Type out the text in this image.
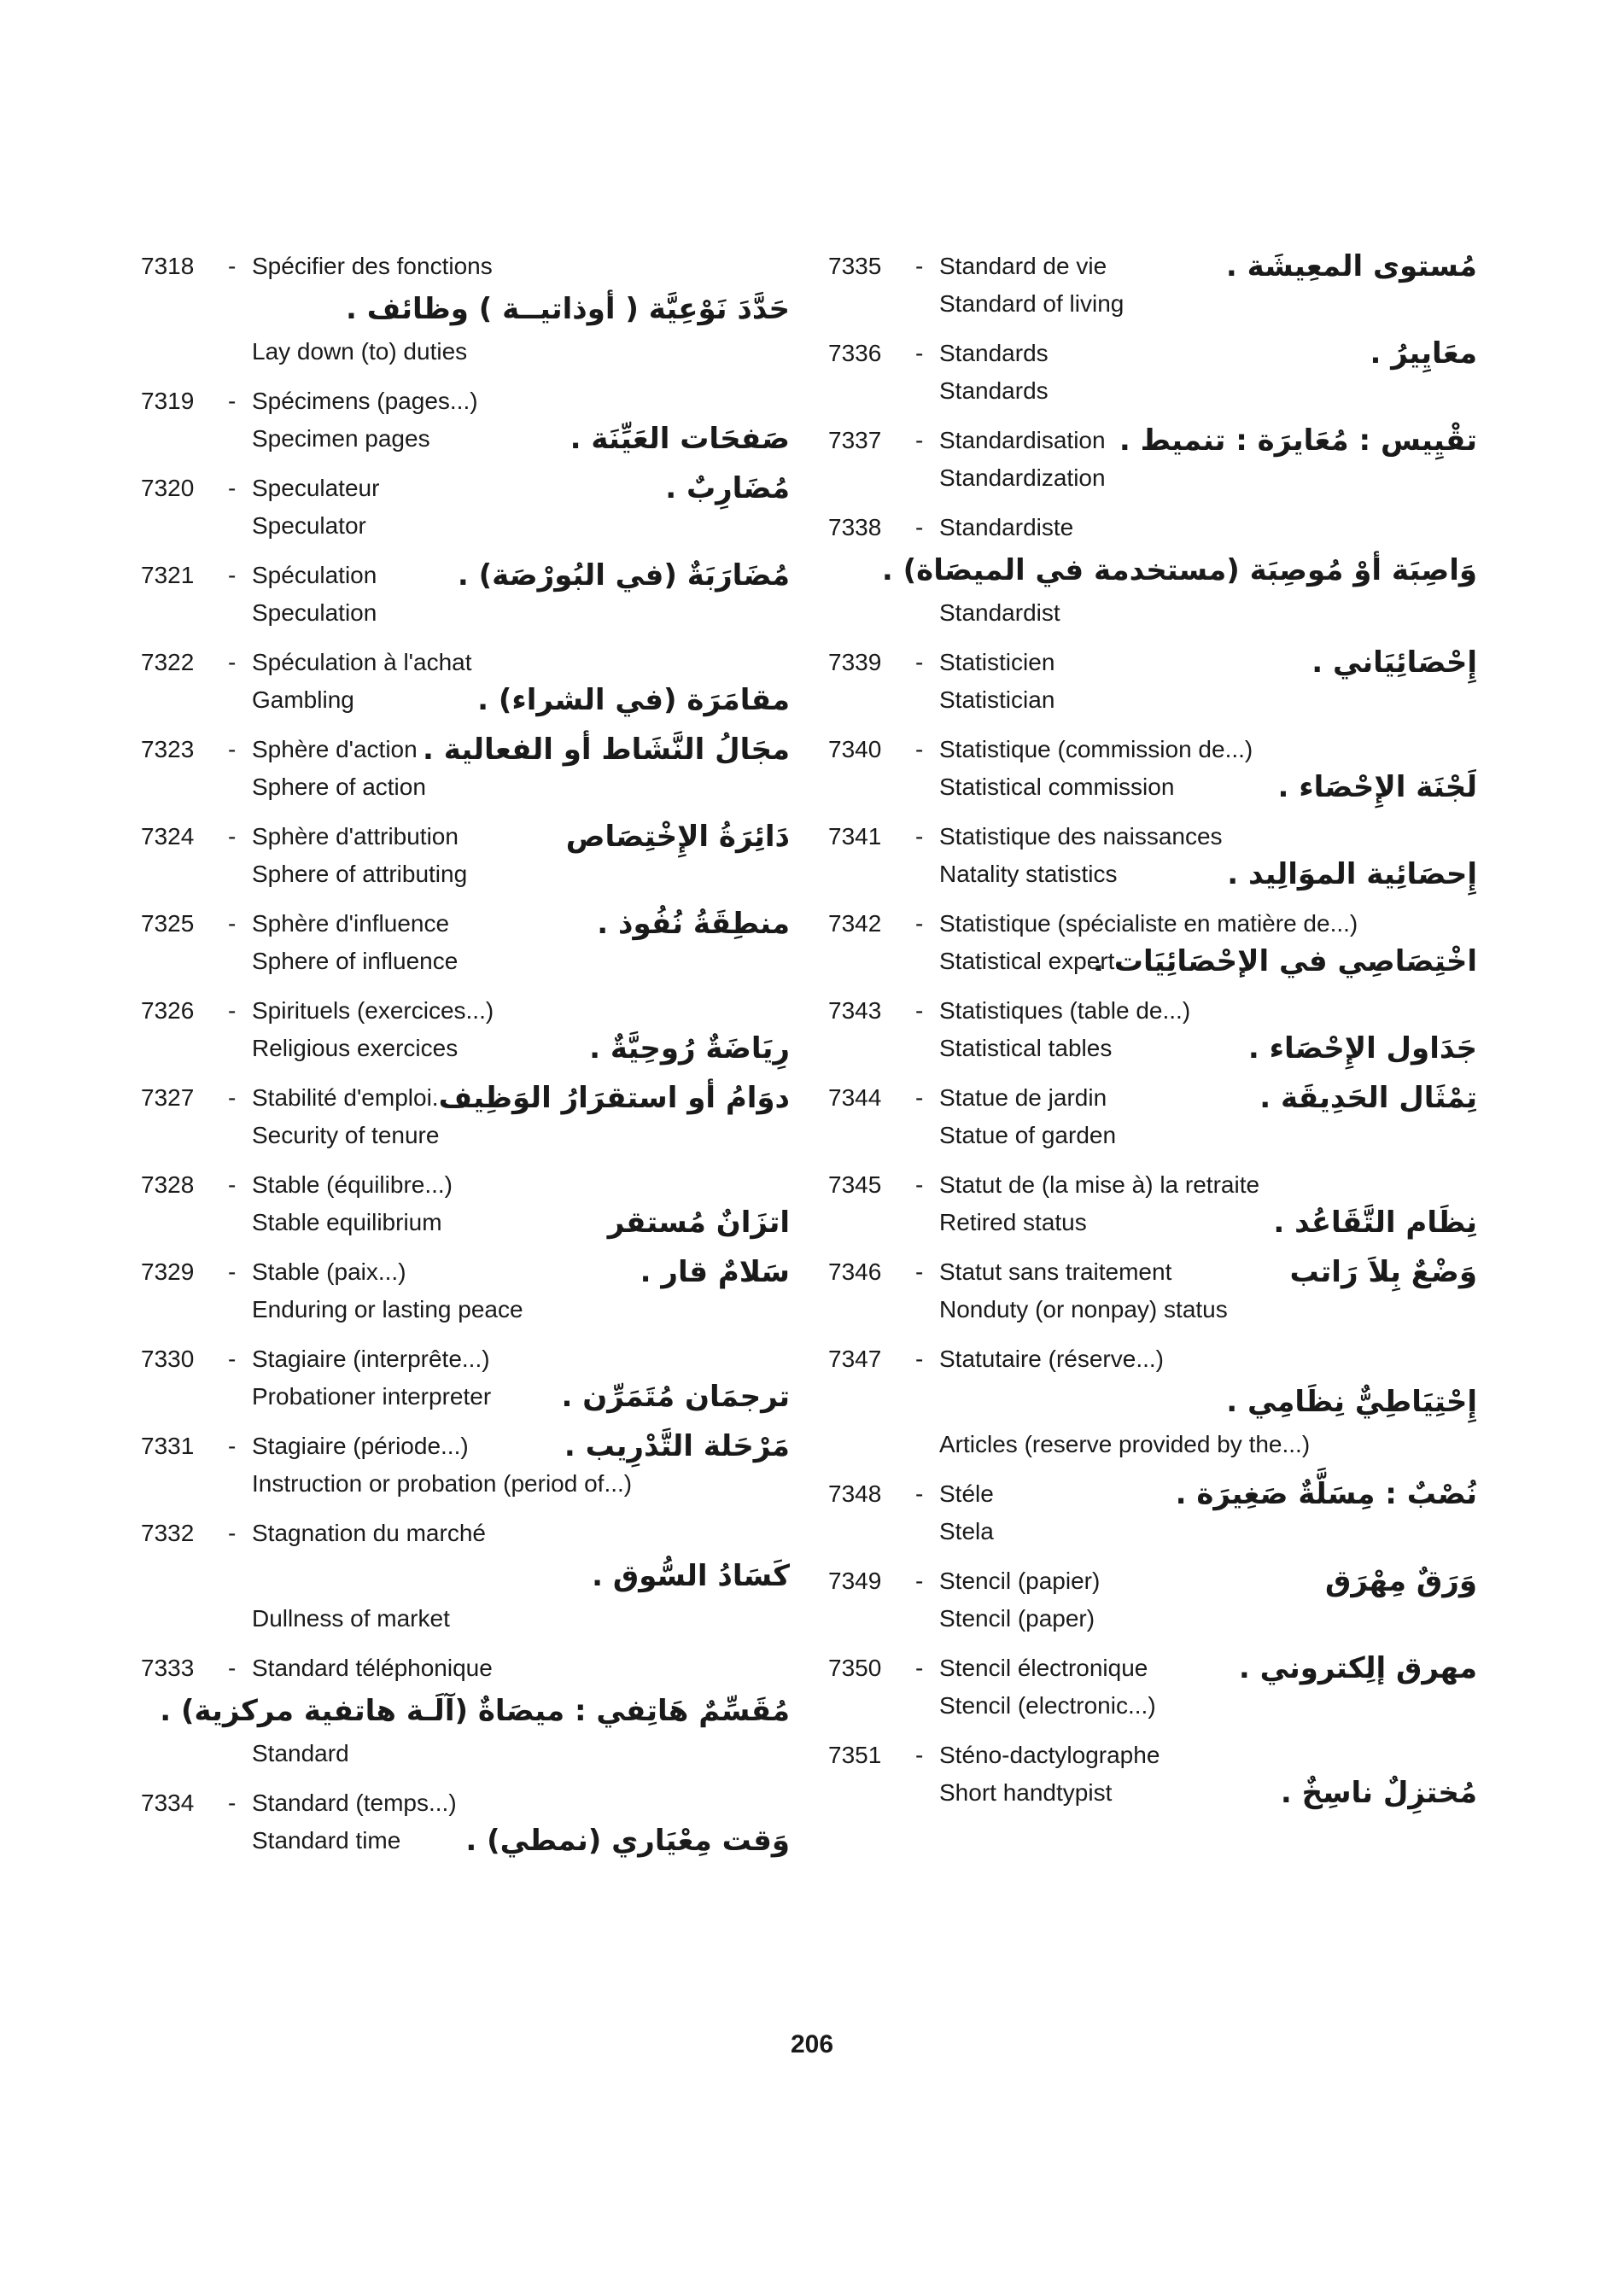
7318 - Spécifier des fonctions
حَدَّدَ نَوْعِيَّة ( أوذاتيــة ) وظائف .
Lay down (to) duties
7319 - Spécimens (pages...)
Specimen pages	صَفحَات العَيِّنَة .
7320 - Speculateur	مُضَارِبٌ .
Speculator
7321 - Spéculation	مُضَارَبَةٌ (في البُورْصَة) .
Speculation
7322 - Spéculation à l'achat
Gambling	مقامَرَة (في الشراء) .
7323 - Sphère d'action مجَالُ النَّشَاط أو الفعالية .
Sphere of action
7324 - Sphère d'attribution	دَائِرَةُ الإِخْتِصَاص
Sphere of attributing
7325 - Sphère d'influence	منطِقَةُ نُفُوذ .
Sphere of influence
7326 - Spirituels (exercices...)
Religious exercices	رِيَاضَةٌ رُوحِيَّةٌ .
7327 - Stabilité d'emploi. دوَامُ أو استقرَارُ الوَظِيف
Security of tenure
7328 - Stable (équilibre...)
Stable equilibrium	اتزَانٌ مُستقر
7329 - Stable (paix...)	سَلامٌ قار .
Enduring or lasting peace
7330 - Stagiaire (interprête...)
Probationer interpreter ترجمَان مُتَمَرِّن .
7331 - Stagiaire (période...)	مَرْحَلة التَّدْرِيب .
Instruction or probation (period of...)
7332 - Stagnation du marché
كَسَادُ السُّوق .
Dullness of market
7333 - Standard téléphonique
مُقَسِّمٌ هَاتِفي : ميصَاةٌ (آلَـة هاتفية مركزية) .
Standard
7334 - Standard (temps...)
Standard time وَقت مِعْيَاري (نمطي) .
7335 - Standard de vie	مُستوى المعِيشَة .
Standard of living
7336 - Standards	معَايِيرُ .
Standards
7337 - Standardisation تقْيِيس : مُعَايرَة : تنميط .
Standardization
7338 - Standardiste
وَاصِبَة أوْ مُوصِبَة (مستخدمة في الميصَاة) .
Standardist
7339 - Statisticien	إِحْصَائِيَاني .
Statistician
7340 - Statistique (commission de...)
Statistical commission	لَجْنَة الإِحْصَاء .
7341 - Statistique des naissances
Natality statistics	إِحصَائِية الموَالِيد .
7342 - Statistique (spécialiste en matière de...)
Statistical expert.
اخْتِصَاصِي في الإحْصَائِيَات .
7343 - Statistiques (table de...)
Statistical tables	جَدَاول الإِحْصَاء .
7344 - Statue de jardin	تِمْثَال الحَدِيقَة .
Statue of garden
7345 - Statut de (la mise à) la retraite
Retired status	نِظَام التَّقَاعُد .
7346 - Statut sans traitement	وَضْعٌ بِلاَ رَاتب
Nonduty (or nonpay) status
7347 - Statutaire (réserve...)
إِحْتِيَاطِيٌّ نِظَامِي .
Articles (reserve provided by the...)
7348 - Stéle	نُصْبٌ : مِسَلَّةٌ صَغِيرَة .
Stela
7349 - Stencil (papier)	وَرَقٌ مِهْرَق
Stencil (paper)
7350 - Stencil électronique	مهرق إلِكتروني .
Stencil (electronic...)
7351 - Sténo-dactylographe
Short handtypist	مُختزِلٌ ناسِخٌ .
206
